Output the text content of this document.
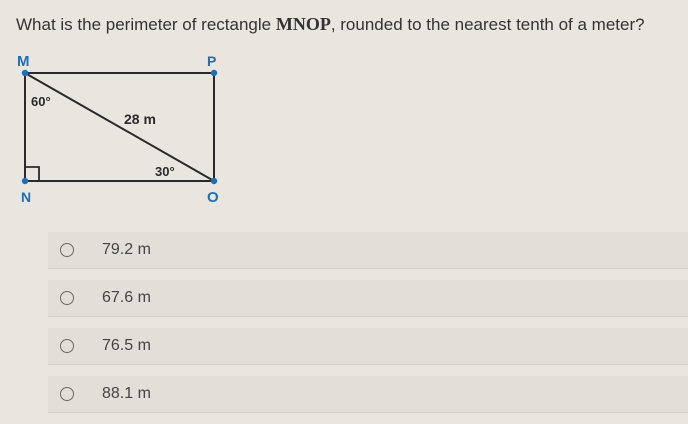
What is the perimeter of rectangle MNOP, rounded to the nearest tenth of a meter?
M	P
N	O
60°
28 m
30°
79.2 m
67.6 m
76.5 m
88.1 m
